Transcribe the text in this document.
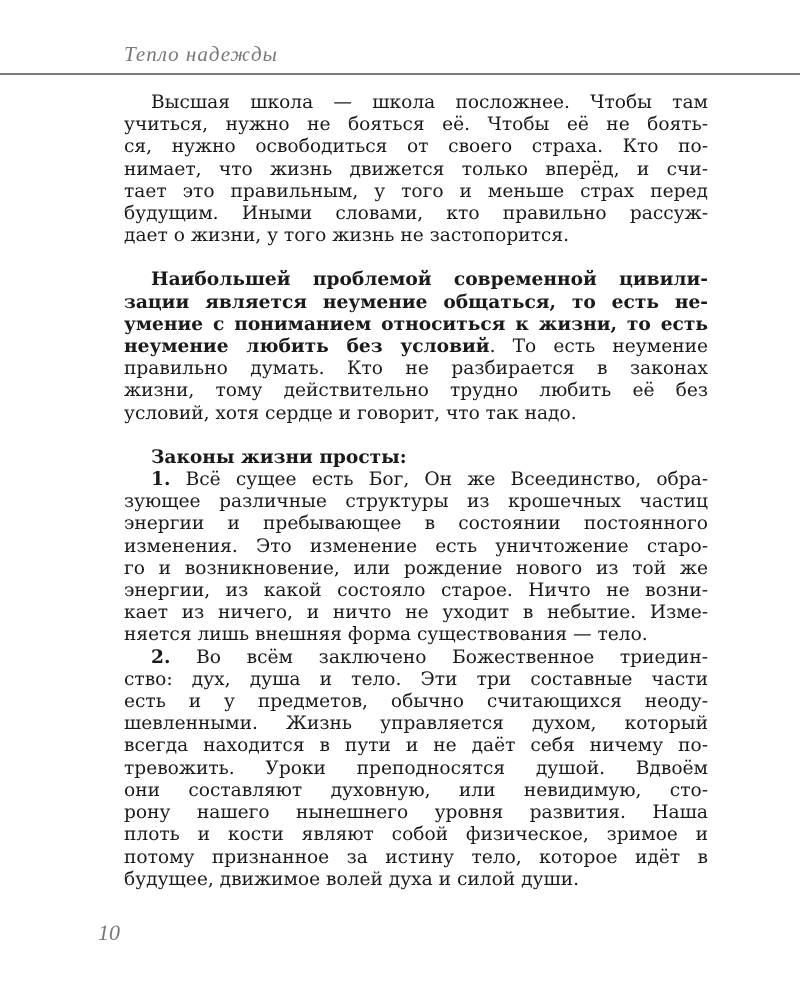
Тепло надежды
Высшая школа — школа посложнее. Чтобы там
учиться, нужно не бояться её. Чтобы её не боять-
ся, нужно освободиться от своего страха. Кто по-
нимает, что жизнь движется только вперёд, и счи-
тает это правильным, у того и меньше страх перед
будущим. Иными словами, кто правильно рассуж-
дает о жизни, у того жизнь не застопорится.
Наибольшей проблемой современной цивили-
зации является неумение общаться, то есть не-
умение с пониманием относиться к жизни, то есть
неумение любить без условий. То есть неумение
правильно думать. Кто не разбирается в законах
жизни, тому действительно трудно любить её без
условий, хотя сердце и говорит, что так надо.
Законы жизни просты:
1. Всё сущее есть Бог, Он же Всеединство, обра-
зующее различные структуры из крошечных частиц
энергии и пребывающее в состоянии постоянного
изменения. Это изменение есть уничтожение старо-
го и возникновение, или рождение нового из той же
энергии, из какой состояло старое. Ничто не возни-
кает из ничего, и ничто не уходит в небытие. Изме-
няется лишь внешняя форма существования — тело.
2. Во всём заключено Божественное триедин-
ство: дух, душа и тело. Эти три составные части
есть и у предметов, обычно считающихся неоду-
шевленными. Жизнь управляется духом, который
всегда находится в пути и не даёт себя ничему по-
тревожить. Уроки преподносятся душой. Вдвоём
они составляют духовную, или невидимую, сто-
рону нашего нынешнего уровня развития. Наша
плоть и кости являют собой физическое, зримое и
потому признанное за истину тело, которое идёт в
будущее, движимое волей духа и силой души.
10
